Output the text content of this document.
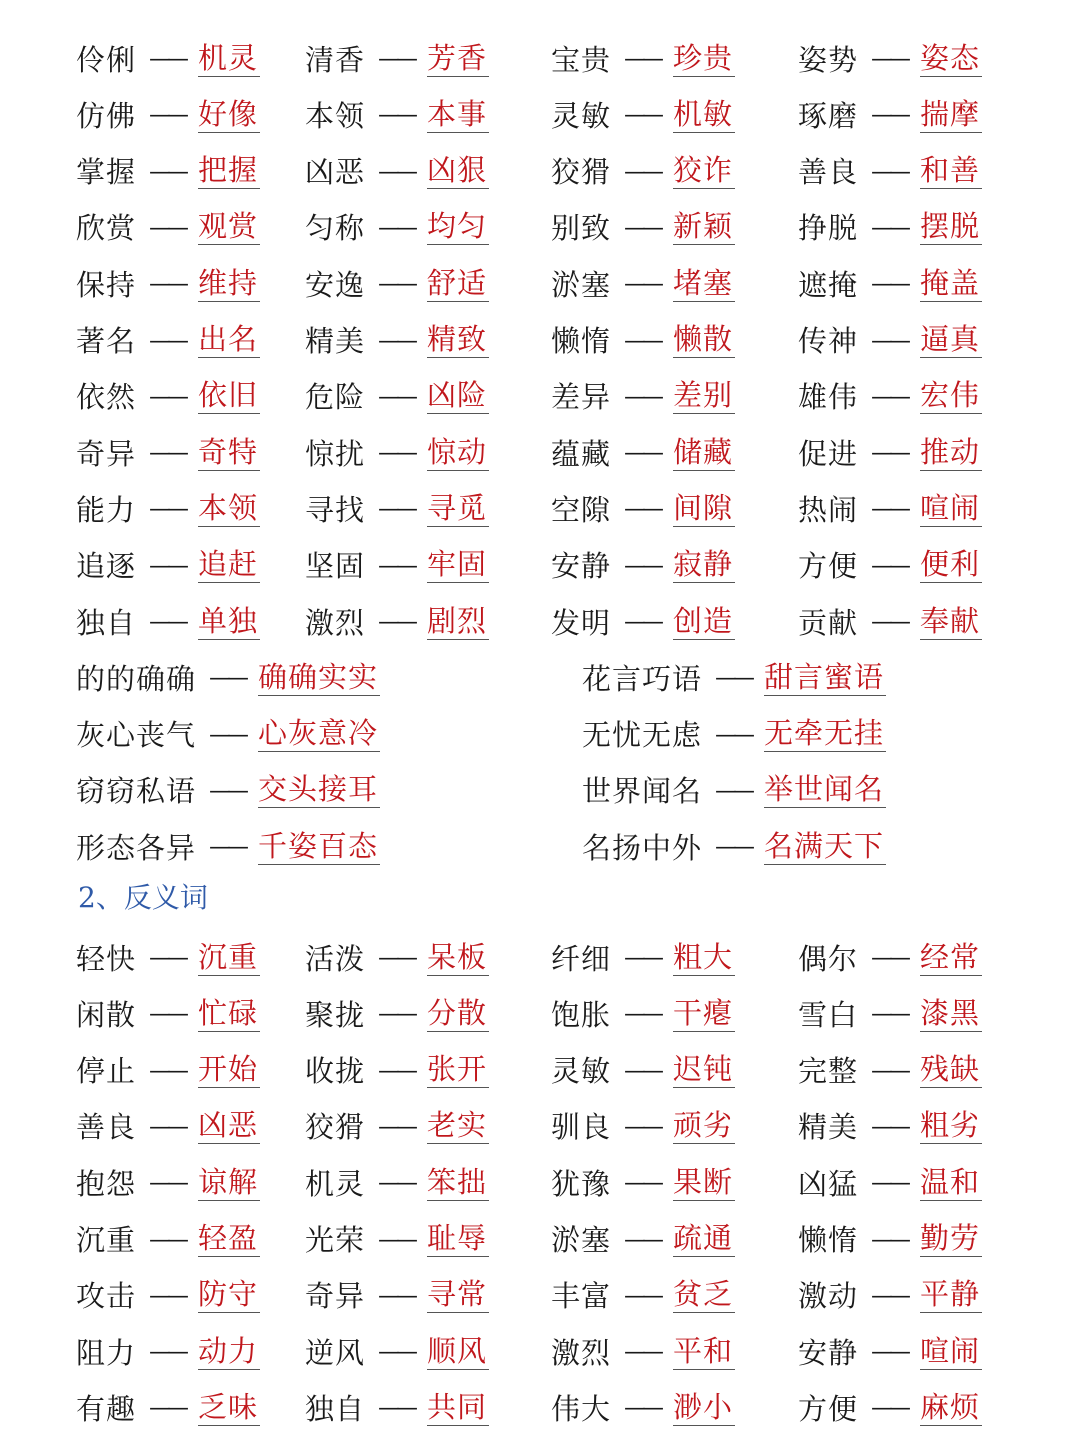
伶俐 —— 机灵 清香 —— 芳香 宝贵 —— 珍贵 姿势 —— 姿态
仿佛 —— 好像 本领 —— 本事 灵敏 —— 机敏 琢磨 —— 揣摩
掌握 —— 把握 凶恶 —— 凶狠 狡猾 —— 狡诈 善良 —— 和善
欣赏 —— 观赏 匀称 —— 均匀 别致 —— 新颖 挣脱 —— 摆脱
保持 —— 维持 安逸 —— 舒适 淤塞 —— 堵塞 遮掩 —— 掩盖
著名 —— 出名 精美 —— 精致 懒惰 —— 懒散 传神 —— 逼真
依然 —— 依旧 危险 —— 凶险 差异 —— 差别 雄伟 —— 宏伟
奇异 —— 奇特 惊扰 —— 惊动 蕴藏 —— 储藏 促进 —— 推动
能力 —— 本领 寻找 —— 寻觅 空隙 —— 间隙 热闹 —— 喧闹
追逐 —— 追赶 坚固 —— 牢固 安静 —— 寂静 方便 —— 便利
独自 —— 单独 激烈 —— 剧烈 发明 —— 创造 贡献 —— 奉献
的的确确 —— 确确实实	花言巧语 —— 甜言蜜语
灰心丧气 —— 心灰意冷	无忧无虑 —— 无牵无挂
窃窃私语 —— 交头接耳	世界闻名 —— 举世闻名
形态各异 —— 千姿百态	名扬中外 —— 名满天下
2、反义词
轻快 —— 沉重 活泼 —— 呆板 纤细 —— 粗大 偶尔 —— 经常
闲散 —— 忙碌 聚拢 —— 分散 饱胀 —— 干瘪 雪白 —— 漆黑
停止 —— 开始 收拢 —— 张开 灵敏 —— 迟钝 完整 —— 残缺
善良 —— 凶恶 狡猾 —— 老实 驯良 —— 顽劣 精美 —— 粗劣
抱怨 —— 谅解 机灵 —— 笨拙 犹豫 —— 果断 凶猛 —— 温和
沉重 —— 轻盈 光荣 —— 耻辱 淤塞 —— 疏通 懒惰 —— 勤劳
攻击 —— 防守 奇异 —— 寻常 丰富 —— 贫乏 激动 —— 平静
阻力 —— 动力 逆风 —— 顺风 激烈 —— 平和 安静 —— 喧闹
有趣 —— 乏味 独自 —— 共同 伟大 —— 渺小 方便 —— 麻烦
